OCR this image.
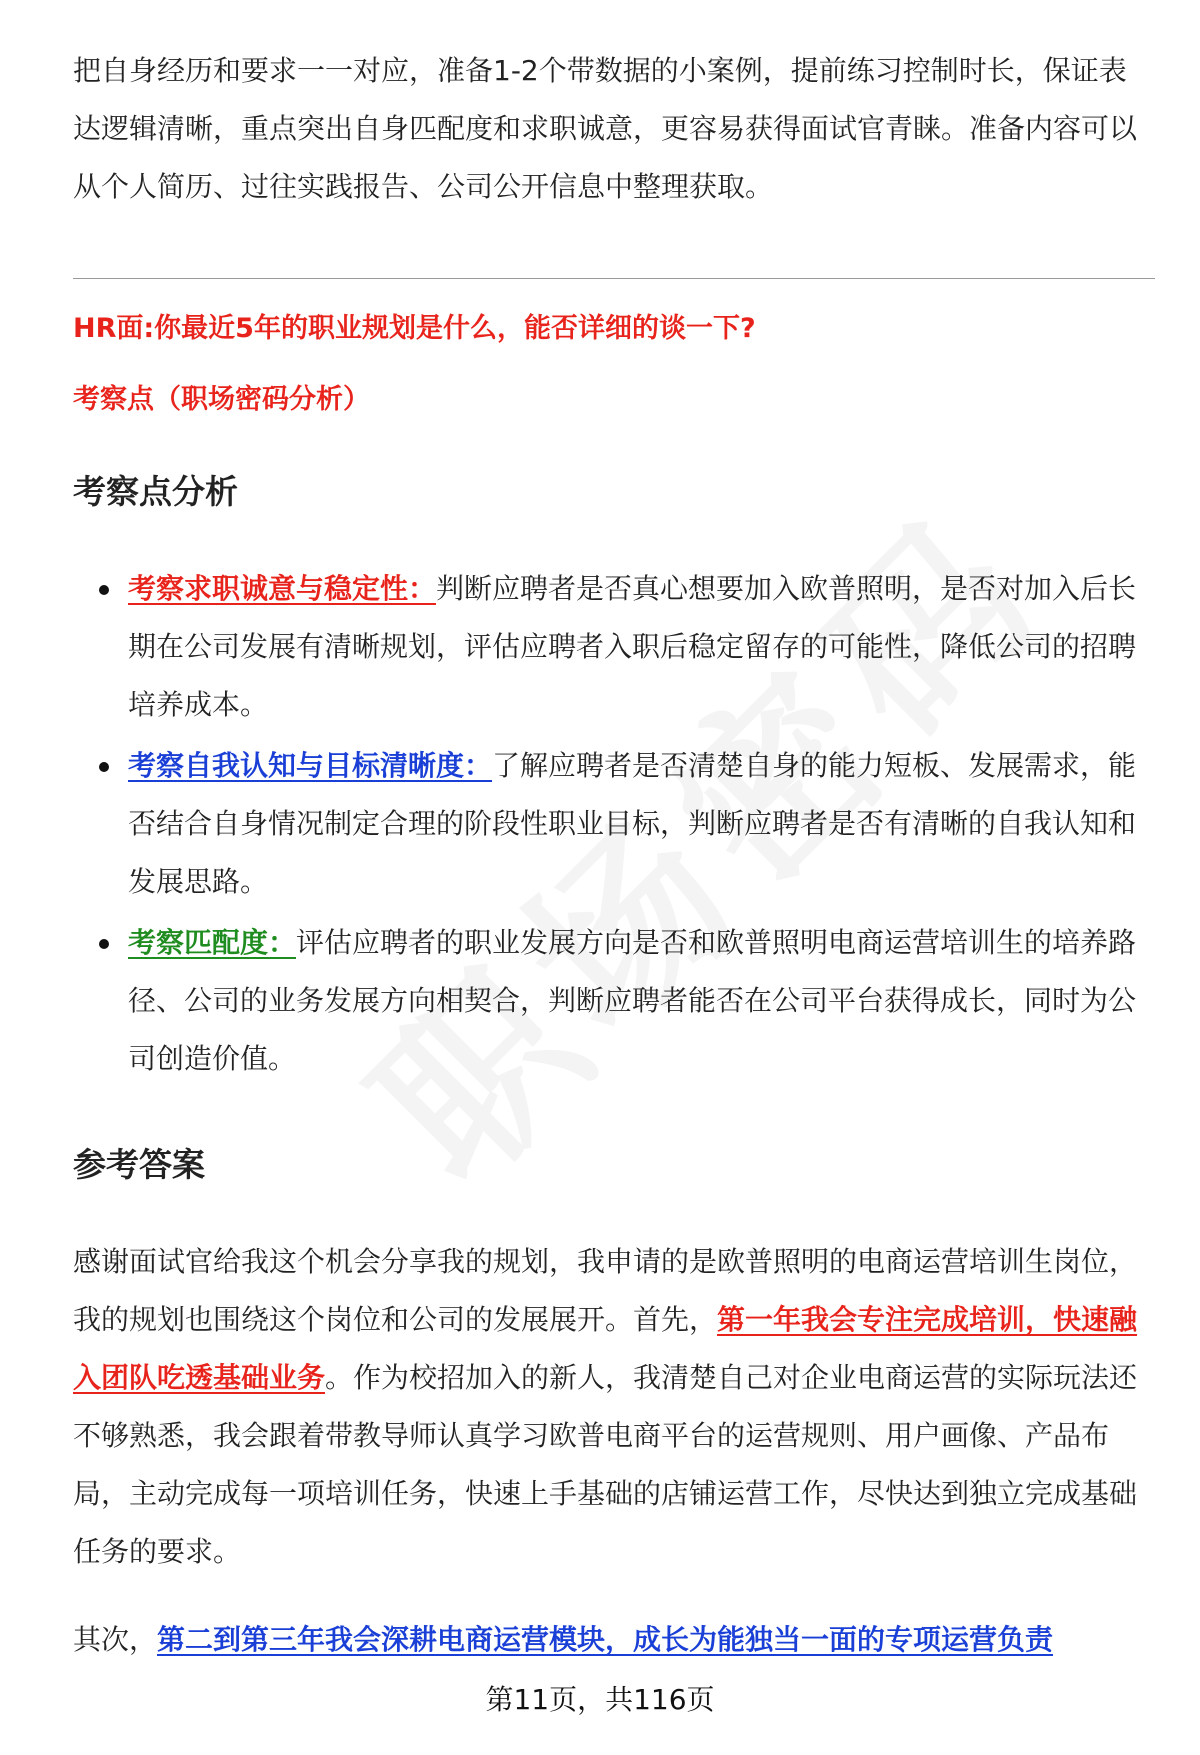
把自身经历和要求一一对应，准备1-2个带数据的小案例，提前练习控制时长，保证表达逻辑清晰，重点突出自身匹配度和求职诚意，更容易获得面试官青睐。准备内容可以从个人简历、过往实践报告、公司公开信息中整理获取。

HR面:你最近5年的职业规划是什么，能否详细的谈一下?

考察点（职场密码分析）

考察点分析
考察求职诚意与稳定性：判断应聘者是否真心想要加入欧普照明，是否对加入后长期在公司发展有清晰规划，评估应聘者入职后稳定留存的可能性，降低公司的招聘培养成本。
考察自我认知与目标清晰度：了解应聘者是否清楚自身的能力短板、发展需求，能否结合自身情况制定合理的阶段性职业目标，判断应聘者是否有清晰的自我认知和发展思路。
考察匹配度：评估应聘者的职业发展方向是否和欧普照明电商运营培训生的培养路径、公司的业务发展方向相契合，判断应聘者能否在公司平台获得成长，同时为公司创造价值。
参考答案

感谢面试官给我这个机会分享我的规划，我申请的是欧普照明的电商运营培训生岗位，我的规划也围绕这个岗位和公司的发展展开。首先，第一年我会专注完成培训，快速融入团队吃透基础业务。作为校招加入的新人，我清楚自己对企业电商运营的实际玩法还不够熟悉，我会跟着带教导师认真学习欧普电商平台的运营规则、用户画像、产品布局，主动完成每一项培训任务，快速上手基础的店铺运营工作，尽快达到独立完成基础任务的要求。

其次，第二到第三年我会深耕电商运营模块，成长为能独当一面的专项运营负责

第11页，共116页
